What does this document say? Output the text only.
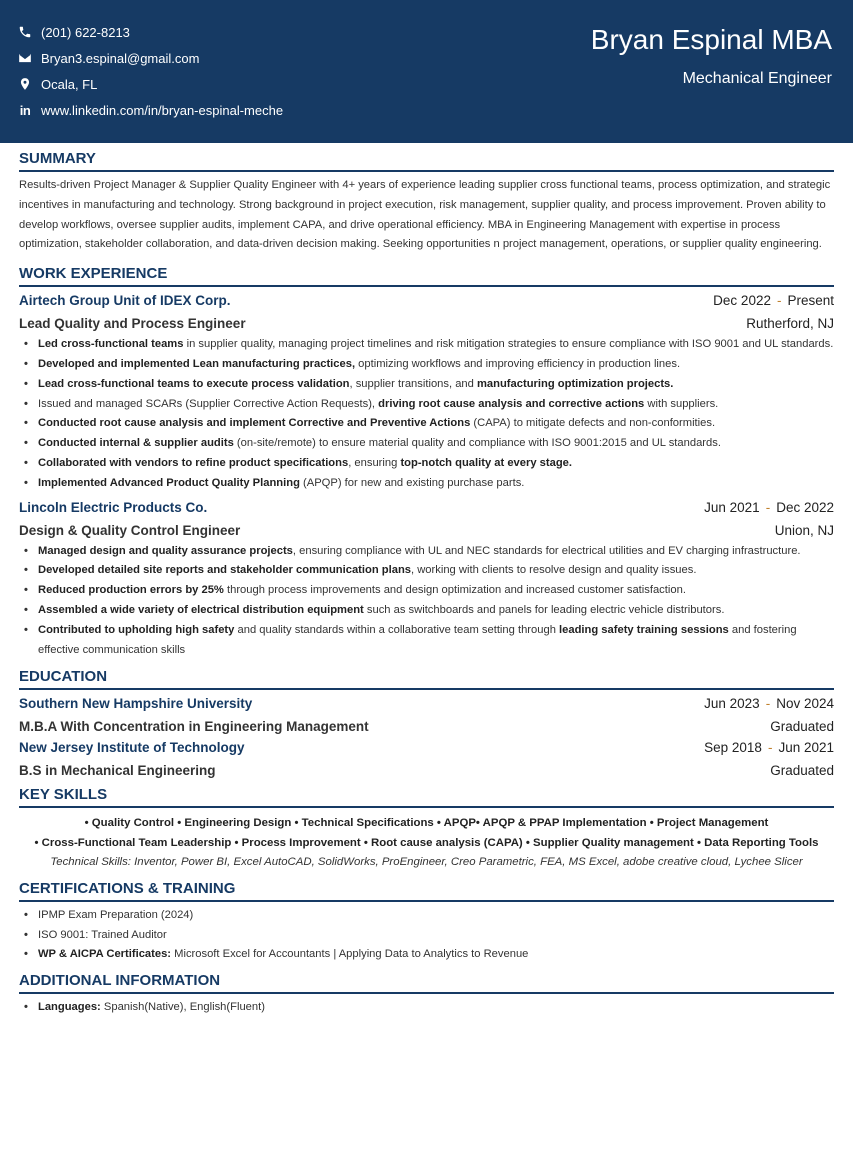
(201) 622-8213
Bryan3.espinal@gmail.com
Ocala, FL
in www.linkedin.com/in/bryan-espinal-meche
Bryan Espinal MBA
Mechanical Engineer
SUMMARY
Results-driven Project Manager & Supplier Quality Engineer with 4+ years of experience leading supplier cross functional teams, process optimization, and strategic incentives in manufacturing and technology. Strong background in project execution, risk management, supplier quality, and process improvement. Proven ability to develop workflows, oversee supplier audits, implement CAPA, and drive operational efficiency. MBA in Engineering Management with expertise in process optimization, stakeholder collaboration, and data-driven decision making. Seeking opportunities n project management, operations, or supplier quality engineering.
WORK EXPERIENCE
Airtech Group Unit of IDEX Corp.	Dec 2022 - Present
Lead Quality and Process Engineer	Rutherford, NJ
• Led cross-functional teams in supplier quality, managing project timelines and risk mitigation strategies to ensure compliance with ISO 9001 and UL standards.
• Developed and implemented Lean manufacturing practices, optimizing workflows and improving efficiency in production lines.
• Lead cross-functional teams to execute process validation, supplier transitions, and manufacturing optimization projects.
• Issued and managed SCARs (Supplier Corrective Action Requests), driving root cause analysis and corrective actions with suppliers.
• Conducted root cause analysis and implement Corrective and Preventive Actions (CAPA) to mitigate defects and non-conformities.
• Conducted internal & supplier audits (on-site/remote) to ensure material quality and compliance with ISO 9001:2015 and UL standards.
• Collaborated with vendors to refine product specifications, ensuring top-notch quality at every stage.
• Implemented Advanced Product Quality Planning (APQP) for new and existing purchase parts.
Lincoln Electric Products Co.	Jun 2021 - Dec 2022
Design & Quality Control Engineer	Union, NJ
• Managed design and quality assurance projects, ensuring compliance with UL and NEC standards for electrical utilities and EV charging infrastructure.
• Developed detailed site reports and stakeholder communication plans, working with clients to resolve design and quality issues.
• Reduced production errors by 25% through process improvements and design optimization and increased customer satisfaction.
• Assembled a wide variety of electrical distribution equipment such as switchboards and panels for leading electric vehicle distributors.
• Contributed to upholding high safety and quality standards within a collaborative team setting through leading safety training sessions and fostering effective communication skills
EDUCATION
Southern New Hampshire University	Jun 2023 - Nov 2024
M.B.A With Concentration in Engineering Management	Graduated
New Jersey Institute of Technology	Sep 2018 - Jun 2021
B.S in Mechanical Engineering	Graduated
KEY SKILLS
• Quality Control • Engineering Design • Technical Specifications • APQP• APQP & PPAP Implementation • Project Management
• Cross-Functional Team Leadership • Process Improvement • Root cause analysis (CAPA) • Supplier Quality management • Data Reporting Tools
Technical Skills: Inventor, Power BI, Excel AutoCAD, SolidWorks, ProEngineer, Creo Parametric, FEA, MS Excel, adobe creative cloud, Lychee Slicer
CERTIFICATIONS & TRAINING
• IPMP Exam Preparation (2024)
• ISO 9001: Trained Auditor
• WP & AICPA Certificates: Microsoft Excel for Accountants | Applying Data to Analytics to Revenue
ADDITIONAL INFORMATION
• Languages: Spanish(Native), English(Fluent)
